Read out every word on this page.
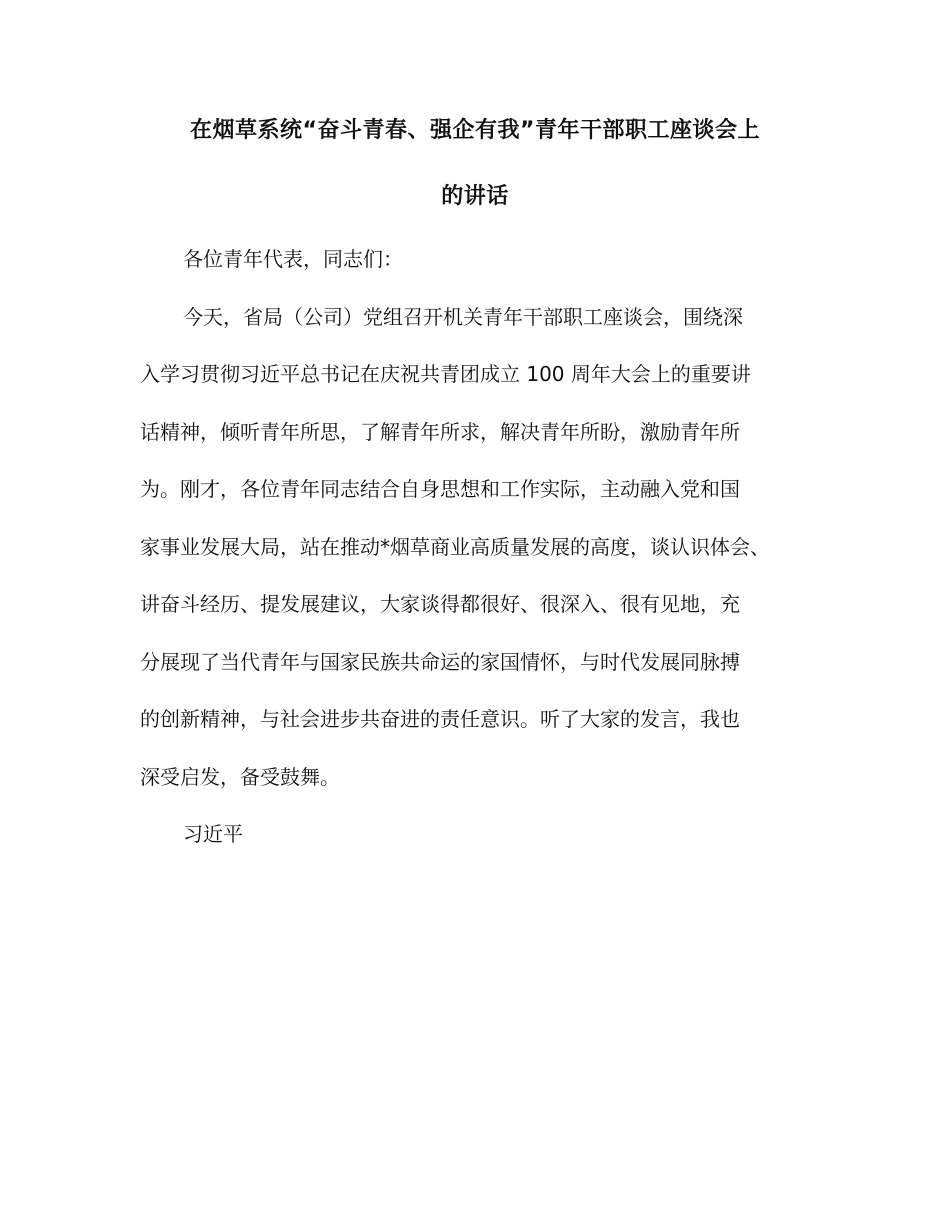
在烟草系统“奋斗青春、强企有我”青年干部职工座谈会上
的讲话

各位青年代表，同志们：

今天，省局（公司）党组召开机关青年干部职工座谈会，围绕深

入学习贯彻习近平总书记在庆祝共青团成立 100 周年大会上的重要讲

话精神，倾听青年所思，了解青年所求，解决青年所盼，激励青年所

为。刚才，各位青年同志结合自身思想和工作实际，主动融入党和国

家事业发展大局，站在推动*烟草商业高质量发展的高度，谈认识体会、

讲奋斗经历、提发展建议，大家谈得都很好、很深入、很有见地，充

分展现了当代青年与国家民族共命运的家国情怀，与时代发展同脉搏

的创新精神，与社会进步共奋进的责任意识。听了大家的发言，我也

深受启发，备受鼓舞。

习近平
